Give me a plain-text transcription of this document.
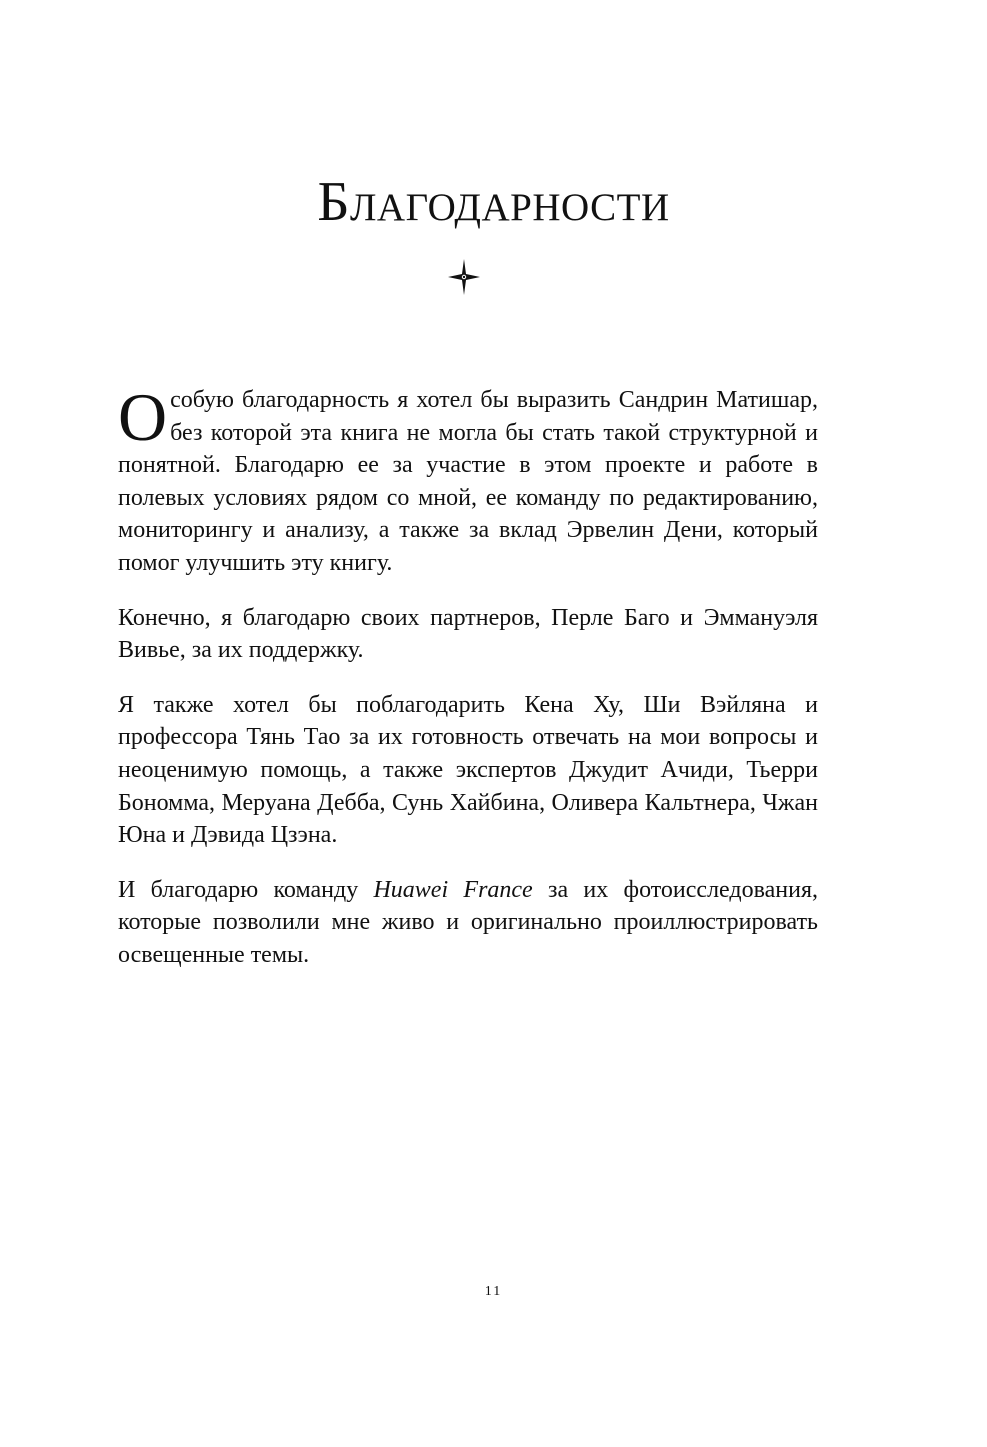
Благодарности

Особую благодарность я хотел бы выразить Сандрин Матишар, без которой эта книга не могла бы стать такой структурной и понятной. Благодарю ее за участие в этом проекте и работе в полевых условиях рядом со мной, ее команду по редактированию, мониторингу и анализу, а также за вклад Эрвелин Дени, который помог улучшить эту книгу.

Конечно, я благодарю своих партнеров, Перле Баго и Эммануэля Вивье, за их поддержку.

Я также хотел бы поблагодарить Кена Ху, Ши Вэйляна и профессора Тянь Тао за их готовность отвечать на мои вопросы и неоценимую помощь, а также экспертов Джудит Ачиди, Тьерри Бономма, Меруана Дебба, Сунь Хайбина, Оливера Кальтнера, Чжан Юна и Дэвида Цзэна.

И благодарю команду Huawei France за их фотоисследования, которые позволили мне живо и оригинально проиллюстрировать освещенные темы.

11
